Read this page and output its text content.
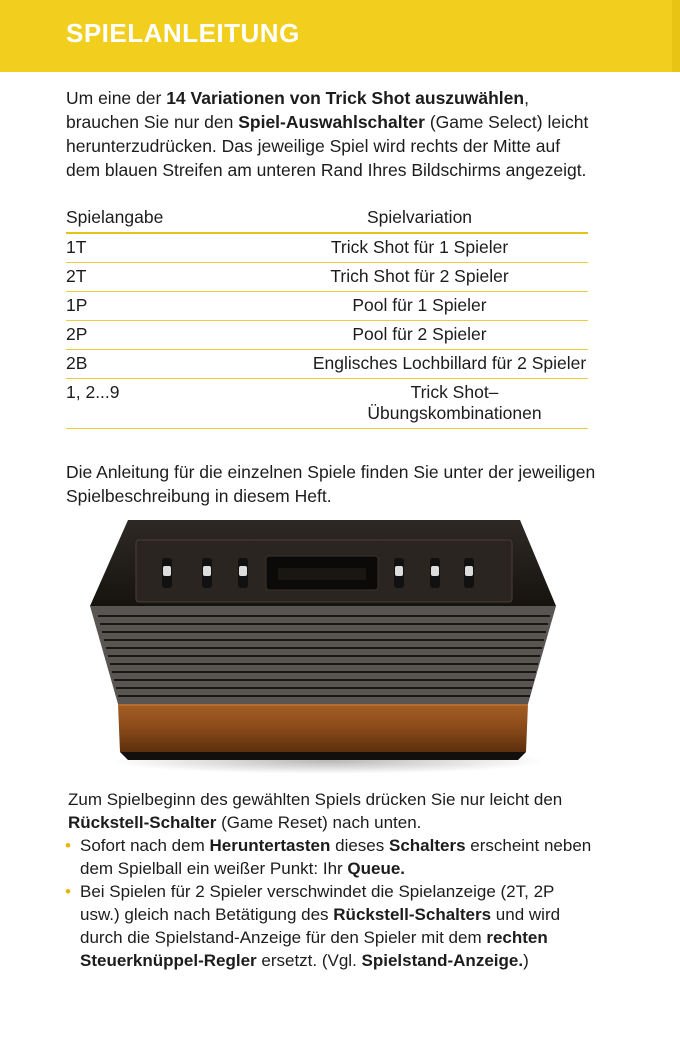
SPIELANLEITUNG
Um eine der 14 Variationen von Trick Shot auszuwählen, brauchen Sie nur den Spiel-Auswahlschalter (Game Select) leicht herunterzudrücken. Das jeweilige Spiel wird rechts der Mitte auf dem blauen Streifen am unteren Rand Ihres Bildschirms angezeigt.
Spielangabe	Spielvariation
1T	Trick Shot für 1 Spieler
2T	Trich Shot für 2 Spieler
1P	Pool für 1 Spieler
2P	Pool für 2 Spieler
2B	Englisches Lochbillard für 2 Spieler
1, 2...9	Trick Shot– Übungskombinationen
Die Anleitung für die einzelnen Spiele finden Sie unter der jeweiligen Spielbeschreibung in diesem Heft.

Zum Spielbeginn des gewählten Spiels drücken Sie nur leicht den Rückstell-Schalter (Game Reset) nach unten.

• Sofort nach dem Heruntertasten dieses Schalters erscheint neben dem Spielball ein weißer Punkt: Ihr Queue.
• Bei Spielen für 2 Spieler verschwindet die Spielanzeige (2T, 2P usw.) gleich nach Betätigung des Rückstell-Schalters und wird durch die Spielstand-Anzeige für den Spieler mit dem rechten Steuerknüppel-Regler ersetzt. (Vgl. Spielstand-Anzeige.)
